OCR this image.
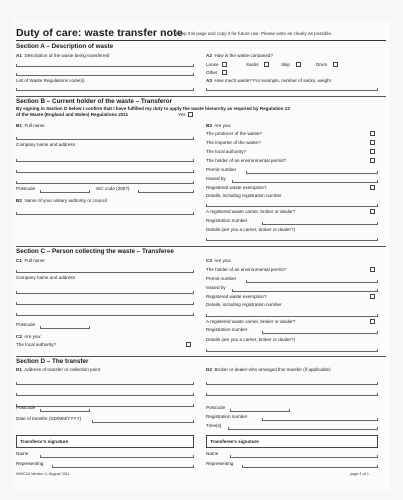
Duty of care: waste transfer note
Keep this page and copy it for future use. Please write as clearly as possible.
Section A – Description of waste
A1 Description of the waste being transferred
List of Waste Regulations code(s)
A2 How is the waste contained?
Loose	Sacks	Skip	Drum
Other
A3 How much waste? For example, number of sacks, weight
Section B – Current holder of the waste – Transferor
By signing in Section D below I confirm that I have fulfilled my duty to apply the waste hierarchy as required by Regulation 12
of the Waste (England and Wales) Regulations 2011	Yes
B1 Full name
Company name and address
Postcode	SIC code (2007)
B2 Name of your unitary authority or council
B3 Are you:
The producer of the waste?
The importer of the waste?
The local authority?
The holder of an environmental permit?
Permit number
Issued by
Registered waste exemption?
Details, including registration number
A registered waste carrier, broker or dealer?
Registration number
Details (are you a carrier, broker or dealer?)
Section C – Person collecting the waste – Transferee
C1 Full name
Company name and address
Postcode
C2 Are you:
The local authority?
C3 Are you:
The holder of an environmental permit?
Permit number
Issued by
Registered waste exemption?
Details, including registration number
A registered waste carrier, broker or dealer?
Registration number
Details (are you a carrier, broker or dealer?)
Section D – The transfer
D1 Address of transfer or collection point
Postcode
Date of transfer (DD/MM/YYYY)
D2 Broker or dealer who arranged this transfer (if applicable)
Postcode
Registration number
Time(s)
Transferor's signature
Name
Representing
Transferee's signature
Name
Representing
WMC2A Version 3, August 2011	page 1 of 1
